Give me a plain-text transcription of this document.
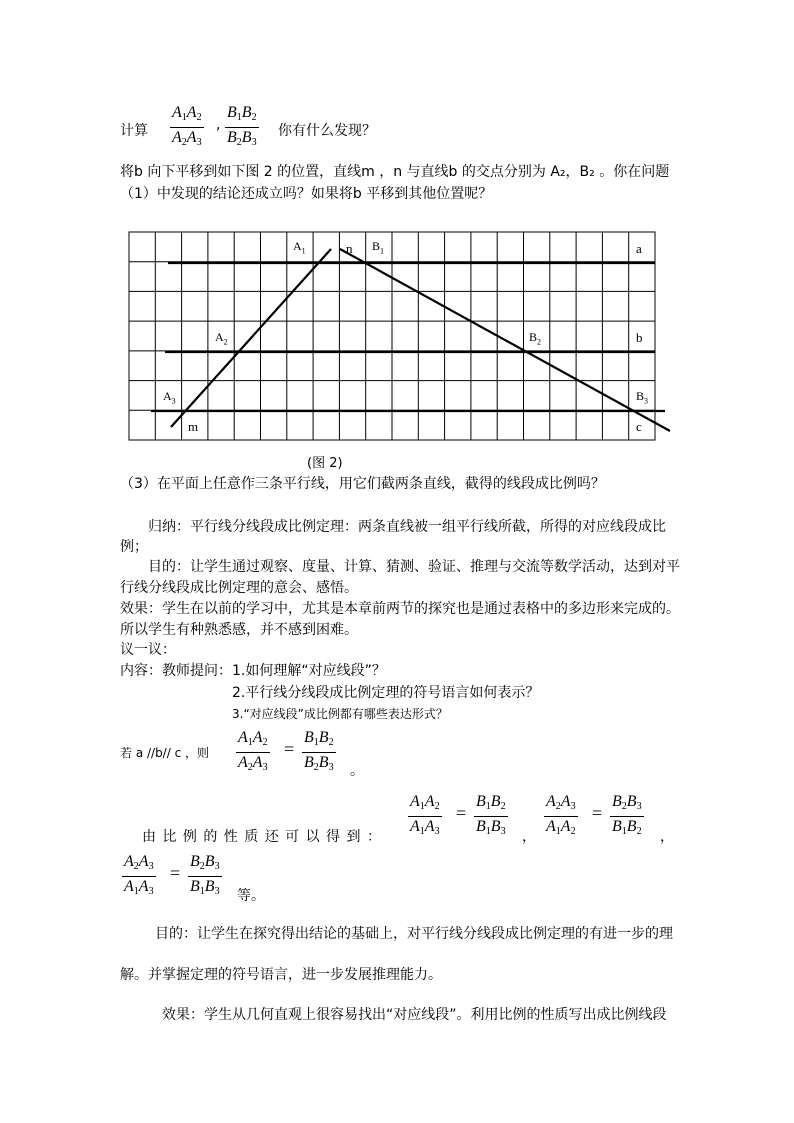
计算
$A_1A_2$
$A_2A_3$
,
$B_1B_2$
$B_2B_3$
你有什么发现？
将b 向下平移到如下图 2 的位置，直线m ，n 与直线b 的交点分别为 A₂，B₂ 。你在问题
（1）中发现的结论还成立吗？如果将b 平移到其他位置呢？
$A_1$	n $B_1$	a
$A_2$	$B_2$	b
$A_3$	$B_3$
m	c
(图 2)
（3）在平面上任意作三条平行线，用它们截两条直线，截得的线段成比例吗？
归纳：平行线分线段成比例定理：两条直线被一组平行线所截，所得的对应线段成比
例；
目的：让学生通过观察、度量、计算、猜测、验证、推理与交流等数学活动，达到对平
行线分线段成比例定理的意会、感悟。
效果：学生在以前的学习中，尤其是本章前两节的探究也是通过表格中的多边形来完成的。
所以学生有种熟悉感，并不感到困难。
议一议：
内容：教师提问： 1.如何理解“对应线段”？
2.平行线分线段成比例定理的符号语言如何表示？
3.“对应线段”成比例都有哪些表达形式？
若 a //b// c ，则
$A_1A_2$
$A_2A_3$
=
$B_1B_2$
$B_2B_3$ 。
$A_1A_2$
$A_1A_3$
=
$B_1B_2$
$B_1B_3$ ，
$A_2A_3$
$A_1A_2$
=
$B_2B_3$
$B_1B_2$ ，
由 比 例 的 性 质 还 可 以 得 到 ：
$A_2A_3$
$A_1A_3$
=
$B_2B_3$
$B_1B_3$ 等。
目的：让学生在探究得出结论的基础上，对平行线分线段成比例定理的有进一步的理
解。并掌握定理的符号语言，进一步发展推理能力。
效果：学生从几何直观上很容易找出“对应线段”。利用比例的性质写出成比例线段
